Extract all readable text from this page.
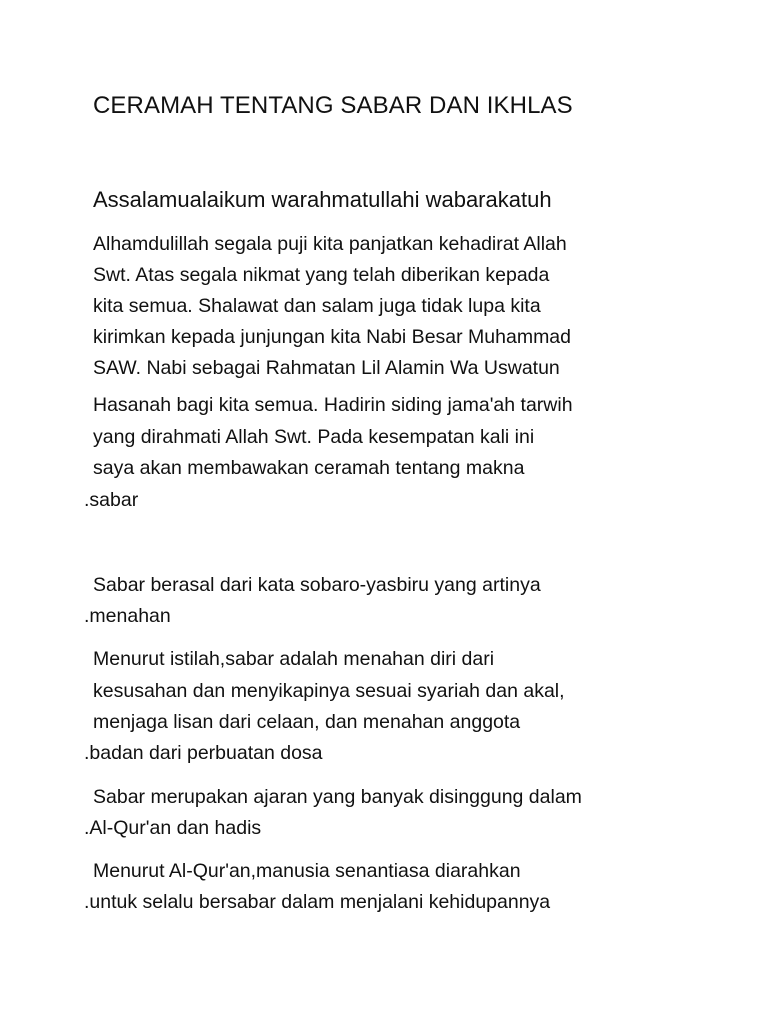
CERAMAH TENTANG SABAR DAN IKHLAS
Assalamualaikum warahmatullahi wabarakatuh
Alhamdulillah segala puji kita panjatkan kehadirat Allah
Swt. Atas segala nikmat yang telah diberikan kepada
kita semua. Shalawat dan salam juga tidak lupa kita
kirimkan kepada junjungan kita Nabi Besar Muhammad
SAW. Nabi sebagai Rahmatan Lil Alamin Wa Uswatun
Hasanah bagi kita semua. Hadirin siding jama'ah tarwih
yang dirahmati Allah Swt. Pada kesempatan kali ini
saya akan membawakan ceramah tentang makna
.sabar
Sabar berasal dari kata sobaro-yasbiru yang artinya
.menahan
Menurut istilah,sabar adalah menahan diri dari
kesusahan dan menyikapinya sesuai syariah dan akal,
menjaga lisan dari celaan, dan menahan anggota
.badan dari perbuatan dosa
Sabar merupakan ajaran yang banyak disinggung dalam
.Al-Qur'an dan hadis
Menurut Al-Qur'an,manusia senantiasa diarahkan
.untuk selalu bersabar dalam menjalani kehidupannya
